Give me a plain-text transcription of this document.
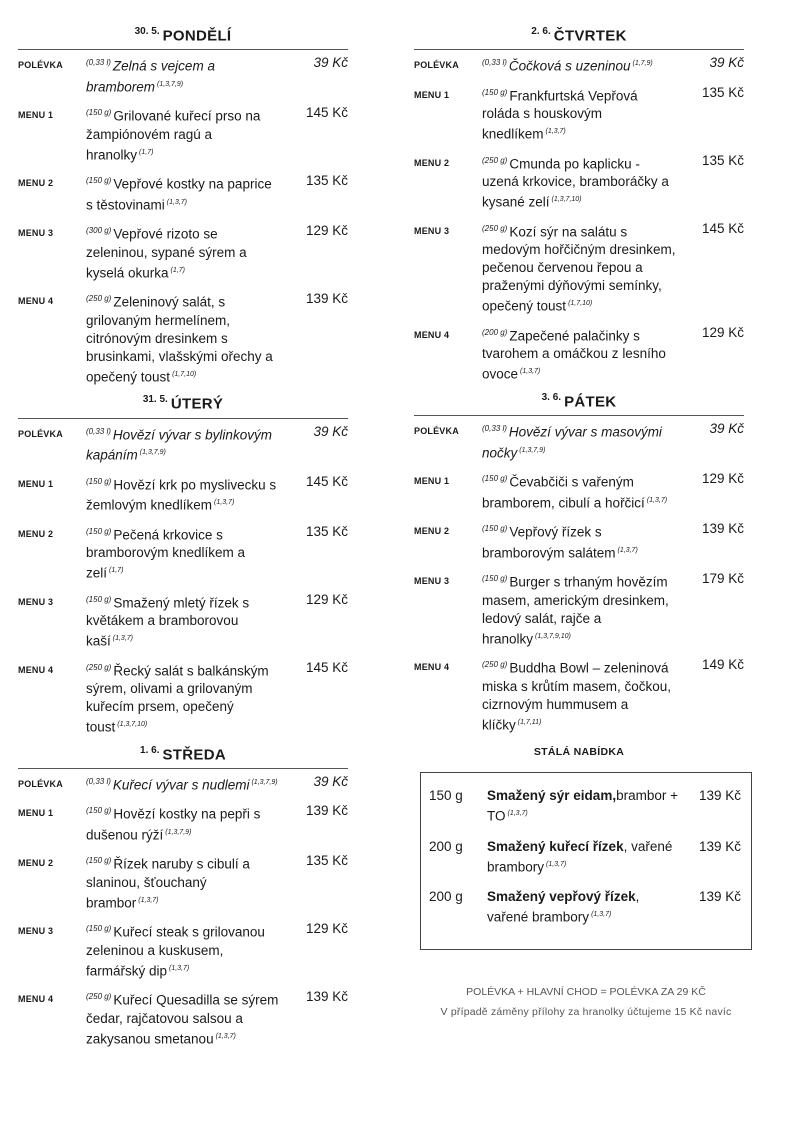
$^{30. 5.}$ PONDĚLÍ
POLÉVKA	$^{(0,33 l)}$ Zelná s vejcem a bramborem $^{(1,3,7,9)}$
39 Kč
MENU 1	$^{(150 g)}$ Grilované kuřecí prso na žampiónovém ragú a hranolky $^{(1,7)}$
145 Kč
MENU 2	$^{(150 g)}$ Vepřové kostky na paprice s těstovinami $^{(1,3,7)}$
135 Kč
MENU 3	$^{(300 g)}$ Vepřové rizoto se zeleninou, sypané sýrem a kyselá okurka $^{(1,7)}$
129 Kč
MENU 4	$^{(250 g)}$ Zeleninový salát, s grilovaným hermelínem, citrónovým dresinkem s brusinkami, vlašskými ořechy a opečený toust $^{(1,7,10)}$
139 Kč
$^{31. 5.}$ ÚTERÝ
POLÉVKA	$^{(0,33 l)}$ Hovězí vývar s bylinkovým kapáním $^{(1,3,7,9)}$
39 Kč
MENU 1	$^{(150 g)}$ Hovězí krk po myslivecku s žemlovým knedlíkem $^{(1,3,7)}$
145 Kč
MENU 2	$^{(150 g)}$ Pečená krkovice s bramborovým knedlíkem a zelí $^{(1,7)}$
135 Kč
MENU 3	$^{(150 g)}$ Smažený mletý řízek s květákem a bramborovou kaší $^{(1,3,7)}$
129 Kč
MENU 4	$^{(250 g)}$ Řecký salát s balkánským sýrem, olivami a grilovaným kuřecím prsem, opečený toust $^{(1,3,7,10)}$
145 Kč
$^{1. 6.}$ STŘEDA
POLÉVKA	$^{(0,33 l)}$ Kuřecí vývar s nudlemi $^{(1,3,7,9)}$	39 Kč
MENU 1	$^{(150 g)}$ Hovězí kostky na pepři s dušenou rýží $^{(1,3,7,9)}$
139 Kč
MENU 2	$^{(150 g)}$ Řízek naruby s cibulí a slaninou, šťouchaný brambor $^{(1,3,7)}$
135 Kč
MENU 3	$^{(150 g)}$ Kuřecí steak s grilovanou zeleninou a kuskusem, farmářský dip $^{(1,3,7)}$
129 Kč
MENU 4	$^{(250 g)}$ Kuřecí Quesadilla se sýrem čedar, rajčatovou salsou a zakysanou smetanou $^{(1,3,7)}$
139 Kč
$^{2. 6.}$ ČTVRTEK
POLÉVKA	$^{(0,33 l)}$ Čočková s uzeninou $^{(1,7,9)}$	39 Kč
MENU 1	$^{(150 g)}$ Frankfurtská Vepřová roláda s houskovým knedlíkem $^{(1,3,7)}$
135 Kč
MENU 2	$^{(250 g)}$ Cmunda po kaplicku - uzená krkovice, bramboráčky a kysané zelí $^{(1,3,7,10)}$
135 Kč
MENU 3	$^{(250 g)}$ Kozí sýr na salátu s medovým hořčičným dresinkem, pečenou červenou řepou a praženými dýňovými semínky, opečený toust $^{(1,7,10)}$
145 Kč
MENU 4	$^{(200 g)}$ Zapečené palačinky s tvarohem a omáčkou z lesního ovoce $^{(1,3,7)}$
129 Kč
$^{3. 6.}$ PÁTEK
POLÉVKA	$^{(0,33 l)}$ Hovězí vývar s masovými nočky $^{(1,3,7,9)}$
39 Kč
MENU 1	$^{(150 g)}$ Čevabčiči s vařeným bramborem, cibulí a hořčicí $^{(1,3,7)}$
129 Kč
MENU 2	$^{(150 g)}$ Vepřový řízek s bramborovým salátem $^{(1,3,7)}$
139 Kč
MENU 3	$^{(150 g)}$ Burger s trhaným hovězím masem, americkým dresinkem, ledový salát, rajče a hranolky $^{(1,3,7,9,10)}$
179 Kč
MENU 4	$^{(250 g)}$ Buddha Bowl – zeleninová miska s krůtím masem, čočkou, cizrnovým hummusem a klíčky $^{(1,7,11)}$
149 Kč
STÁLÁ NABÍDKA
150 g	Smažený sýr eidam,brambor + TO $^{(1,3,7)}$
139 Kč
200 g	Smažený kuřecí řízek, vařené brambory $^{(1,3,7)}$
139 Kč
200 g	Smažený vepřový řízek, vařené brambory $^{(1,3,7)}$
139 Kč
POLÉVKA + HLAVNÍ CHOD = POLÉVKA ZA 29 KČ
V případě záměny přílohy za hranolky účtujeme 15 Kč navíc
